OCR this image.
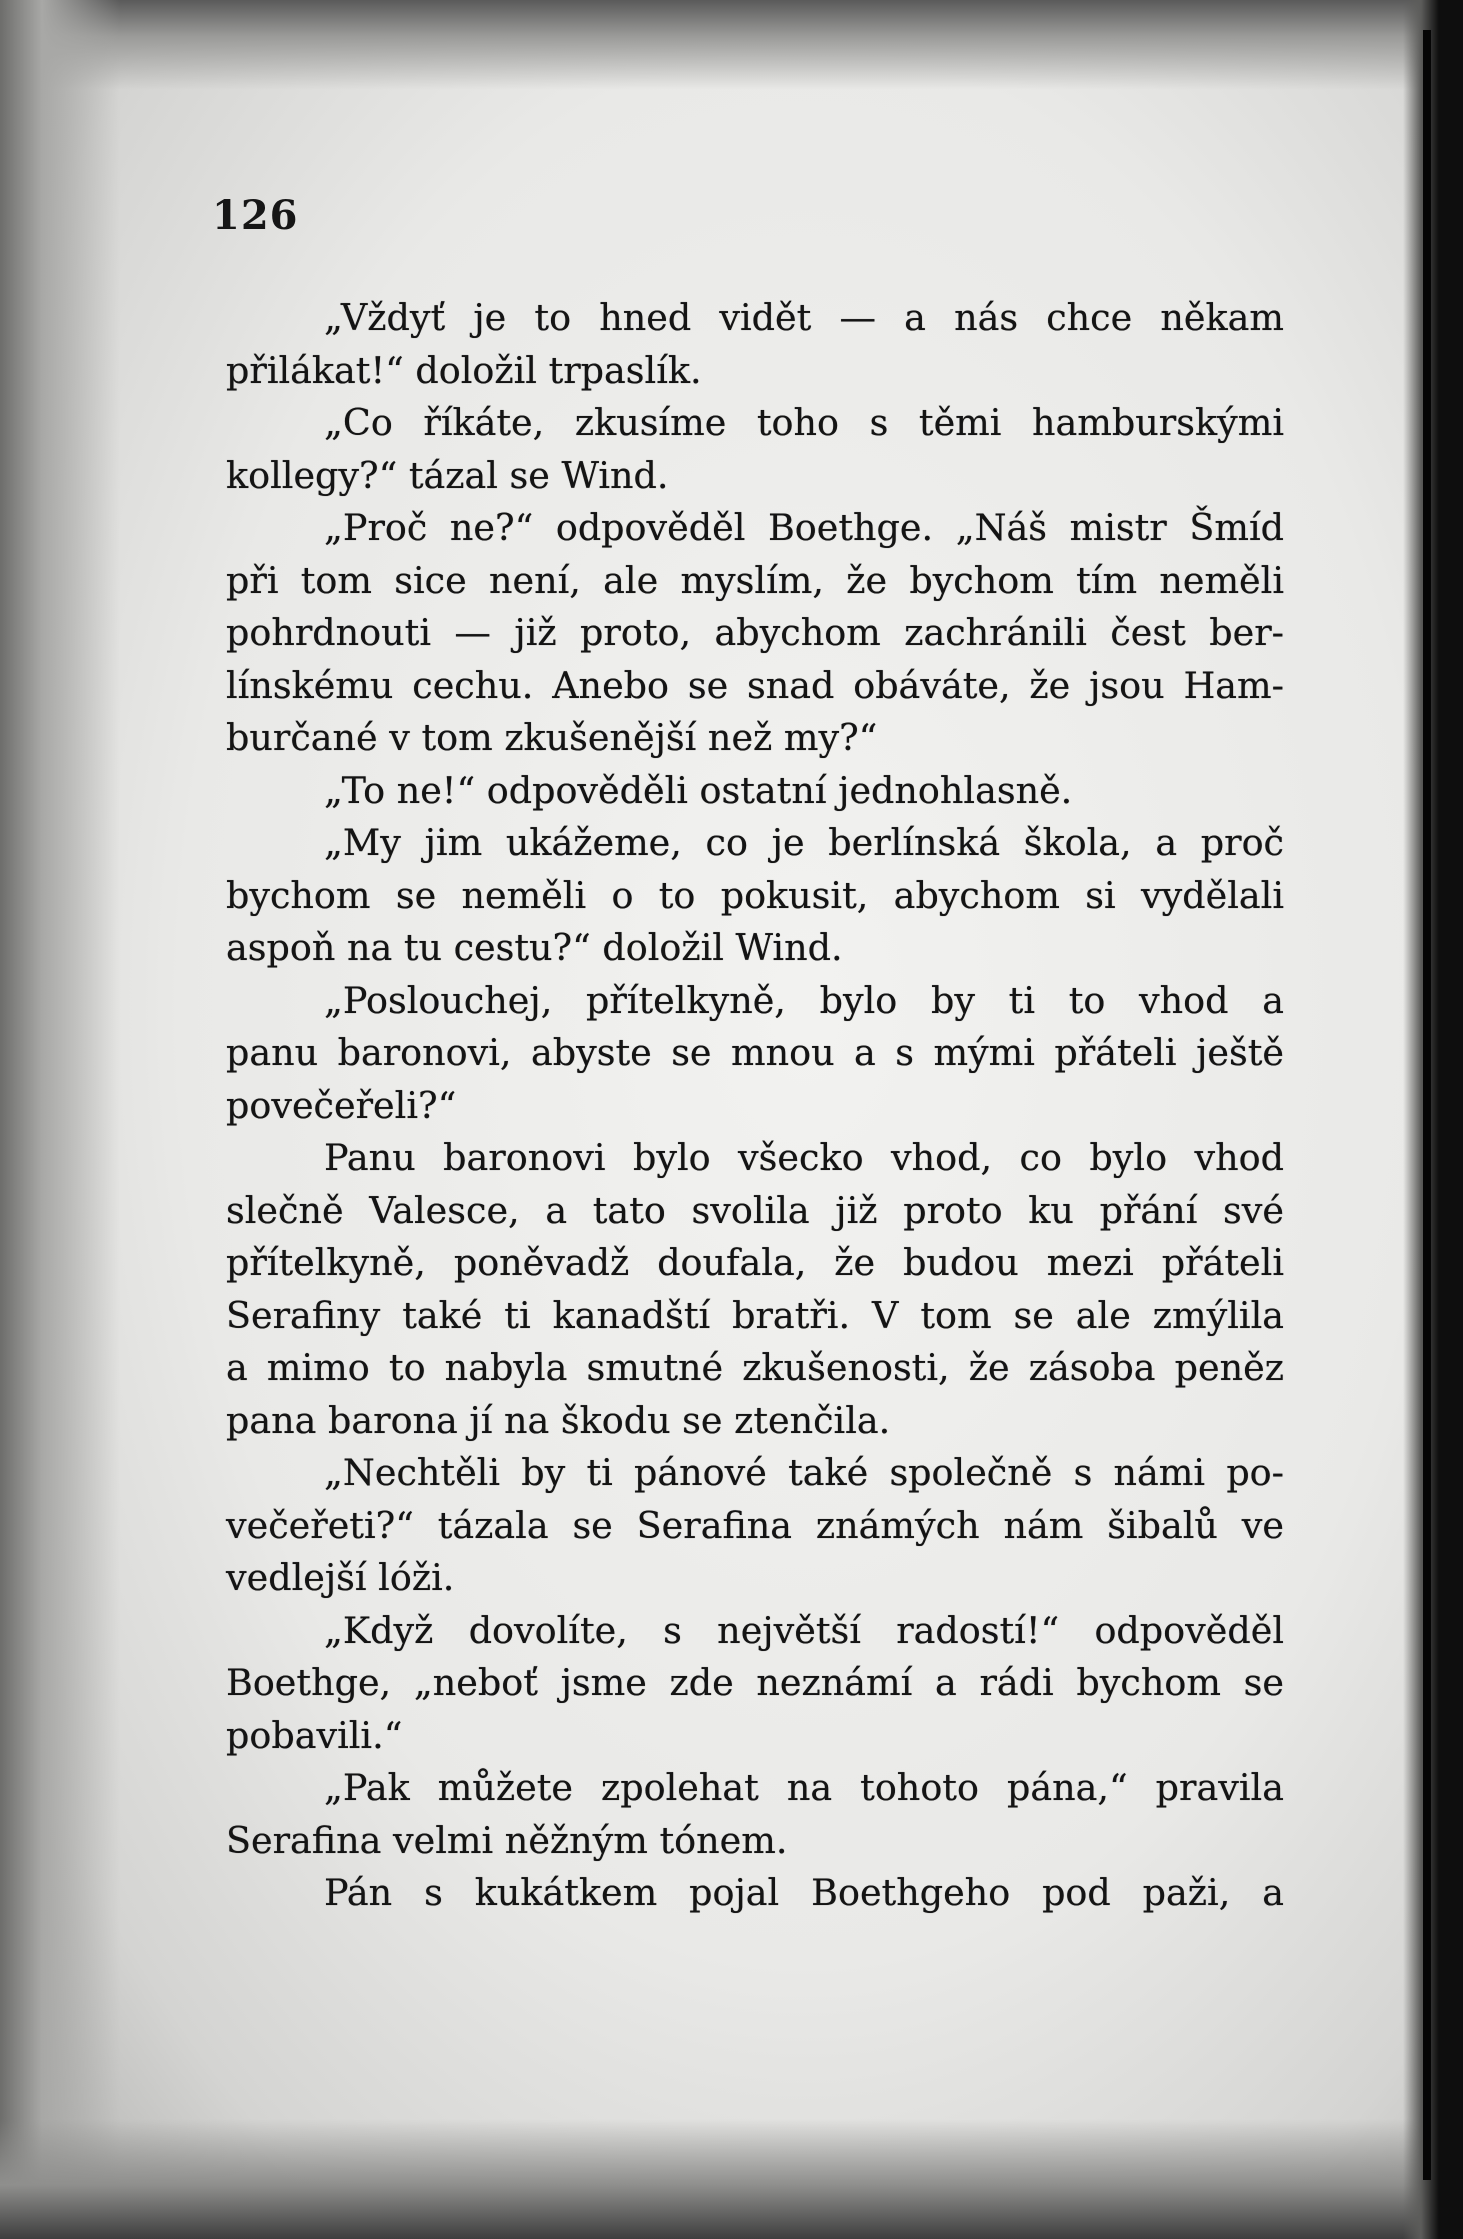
126
„Vždyť je to hned vidět — a nás chce někam
přilákat!“ doložil trpaslík.
„Co říkáte, zkusíme toho s těmi hamburskými
kollegy?“ tázal se Wind.
„Proč ne?“ odpověděl Boethge. „Náš mistr Šmíd
při tom sice není, ale myslím, že bychom tím neměli
pohrdnouti — již proto, abychom zachránili čest ber-
línskému cechu. Anebo se snad obáváte, že jsou Ham-
burčané v tom zkušenější než my?“
„To ne!“ odpověděli ostatní jednohlasně.
„My jim ukážeme, co je berlínská škola, a proč
bychom se neměli o to pokusit, abychom si vydělali
aspoň na tu cestu?“ doložil Wind.
„Poslouchej, přítelkyně, bylo by ti to vhod a
panu baronovi, abyste se mnou a s mými přáteli ještě
povečeřeli?“
Panu baronovi bylo všecko vhod, co bylo vhod
slečně Valesce, a tato svolila již proto ku přání své
přítelkyně, poněvadž doufala, že budou mezi přáteli
Serafiny také ti kanadští bratři. V tom se ale zmýlila
a mimo to nabyla smutné zkušenosti, že zásoba peněz
pana barona jí na škodu se ztenčila.
„Nechtěli by ti pánové také společně s námi po-
večeřeti?“ tázala se Serafina známých nám šibalů ve
vedlejší lóži.
„Když dovolíte, s největší radostí!“ odpověděl
Boethge, „neboť jsme zde neznámí a rádi bychom se
pobavili.“
„Pak můžete zpolehat na tohoto pána,“ pravila
Serafina velmi něžným tónem.
Pán s kukátkem pojal Boethgeho pod paži, a
